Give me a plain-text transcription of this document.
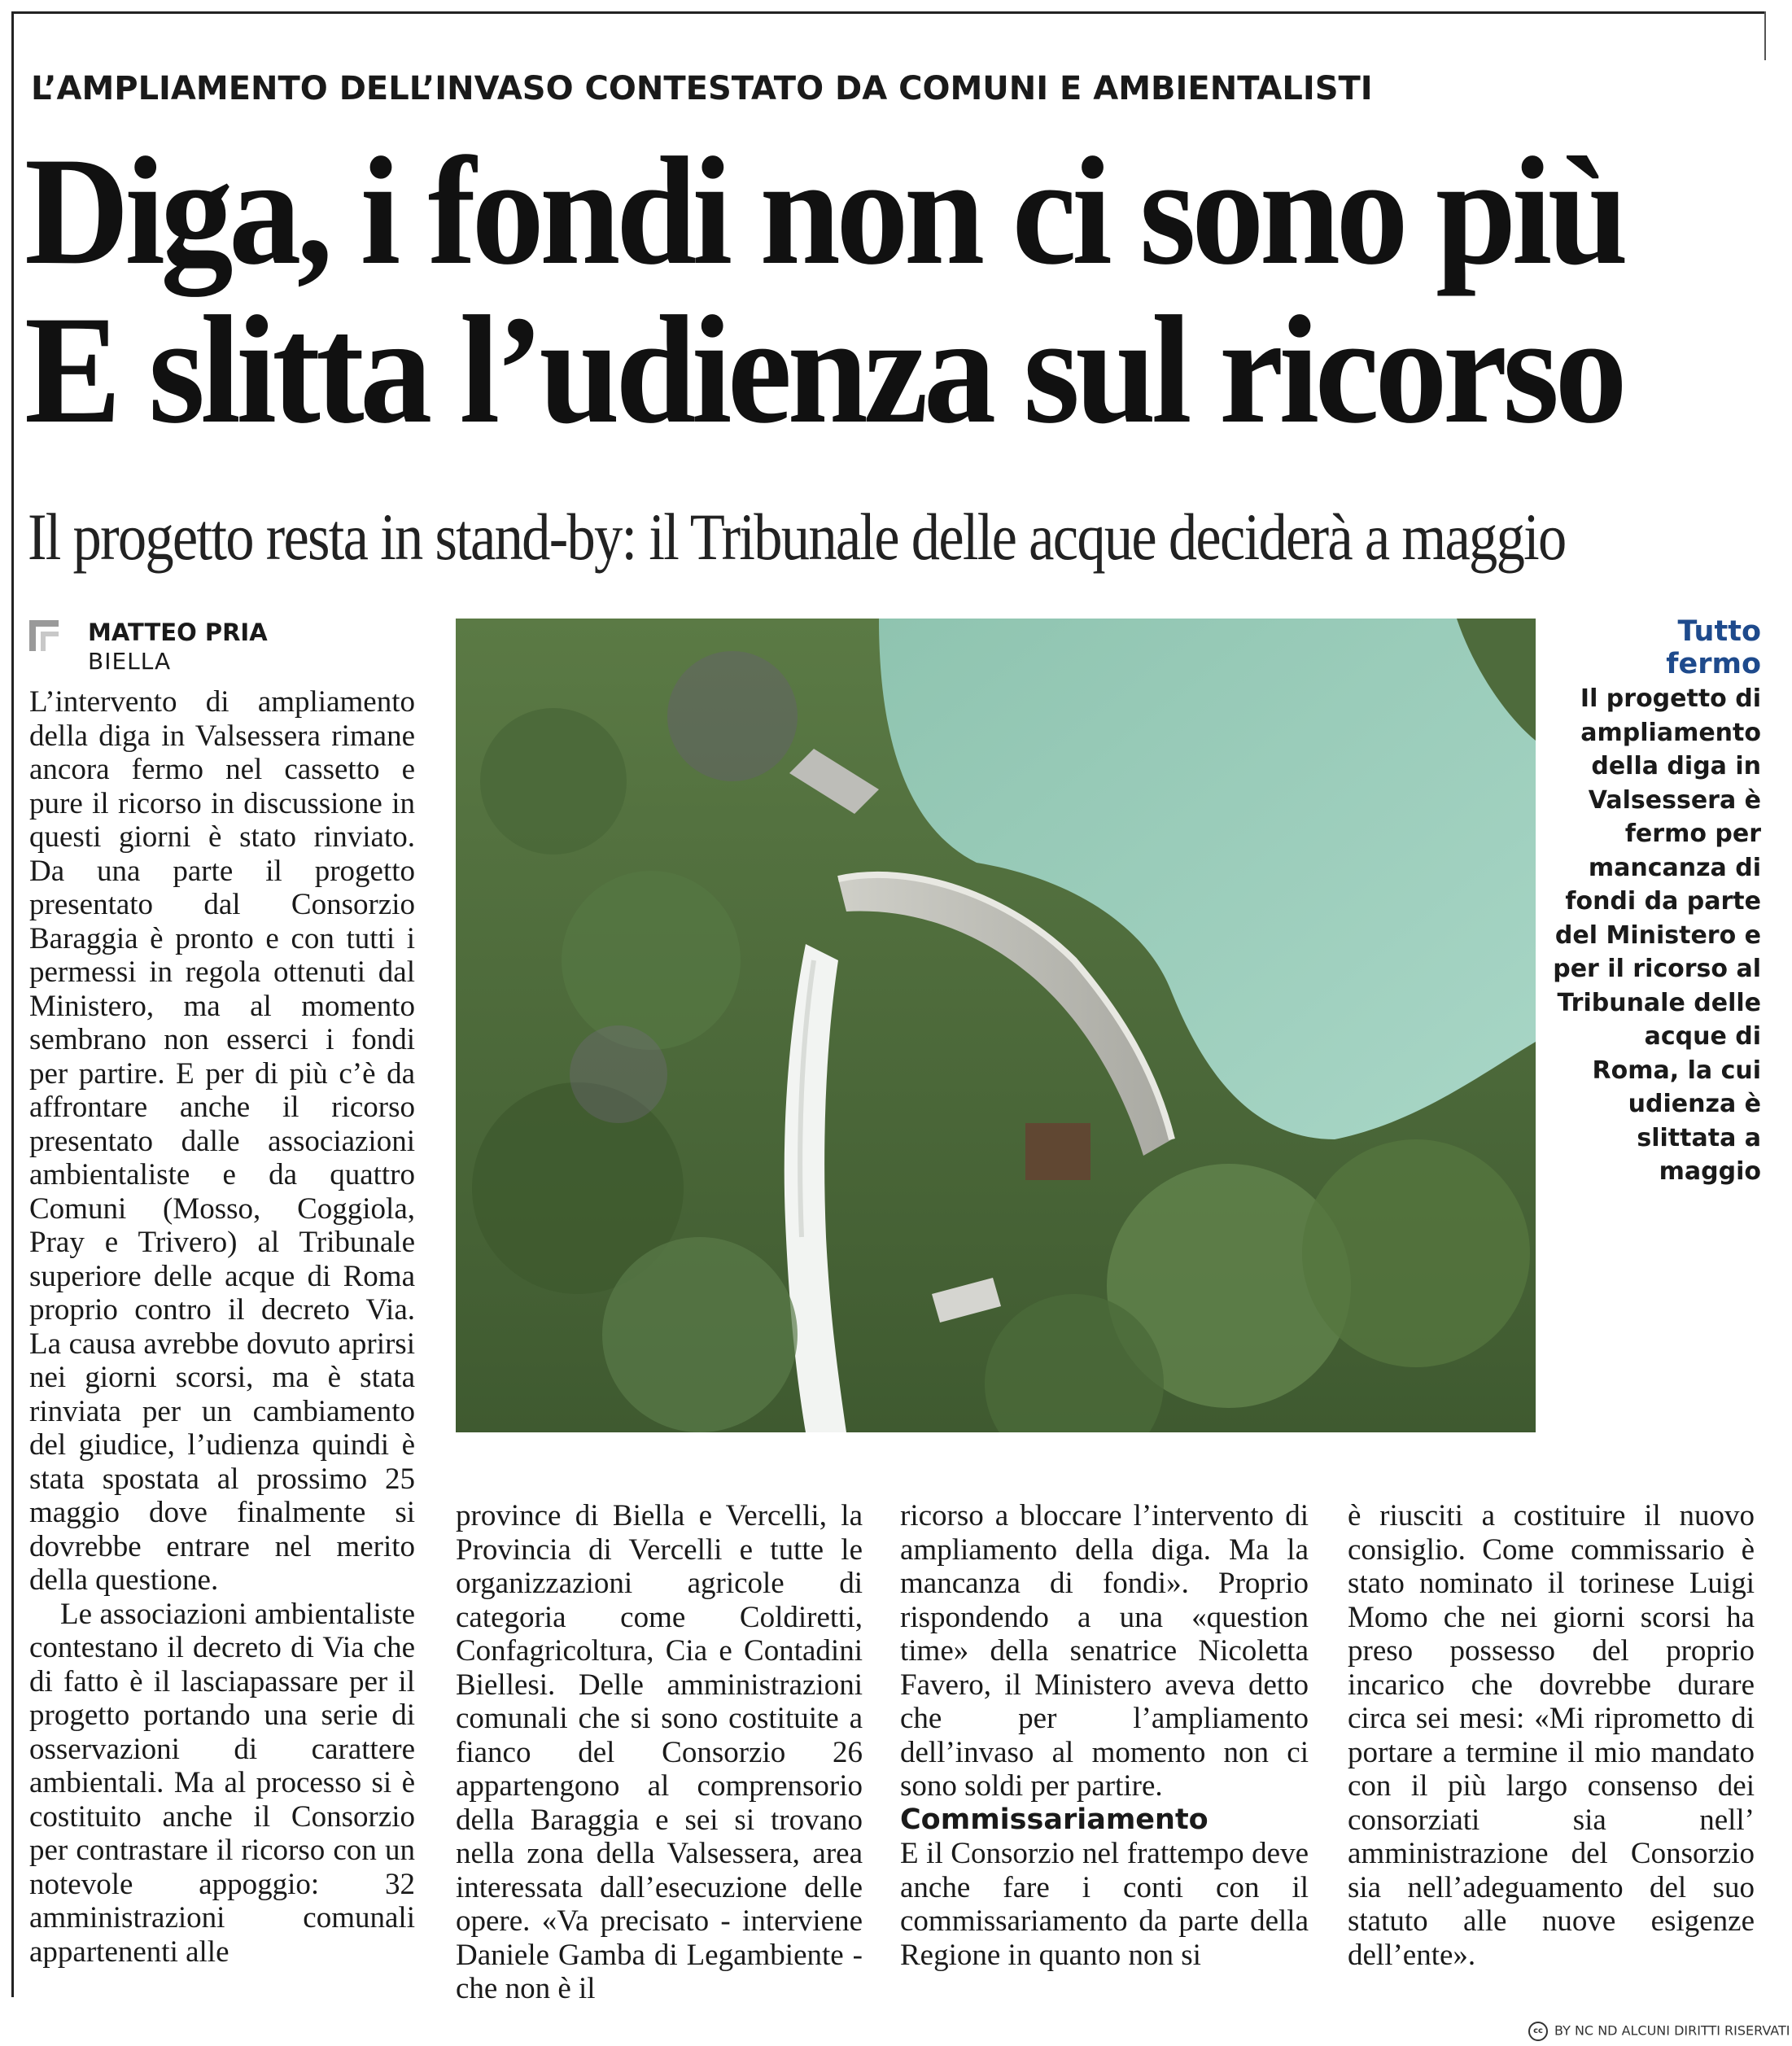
L’AMPLIAMENTO DELL’INVASO CONTESTATO DA COMUNI E AMBIENTALISTI
Diga, i fondi non ci sono più
E slitta l’udienza sul ricorso
Il progetto resta in stand-by: il Tribunale delle acque deciderà a maggio
MATTEO PRIA
BIELLA

L’intervento di ampliamento della diga in Valsessera rimane ancora fermo nel cassetto e pure il ricorso in discussione in questi giorni è stato rinviato. Da una parte il progetto presentato dal Consorzio Baraggia è pronto e con tutti i permessi in regola ottenuti dal Ministero, ma al momento sembrano non esserci i fondi per partire. E per di più c’è da affrontare anche il ricorso presentato dalle associazioni ambientaliste e da quattro Comuni (Mosso, Coggiola, Pray e Trivero) al Tribunale superiore delle acque di Roma proprio contro il decreto Via. La causa avrebbe dovuto aprirsi nei giorni scorsi, ma è stata rinviata per un cambiamento del giudice, l’udienza quindi è stata spostata al prossimo 25 maggio dove finalmente si dovrebbe entrare nel merito della questione.

Le associazioni ambientaliste contestano il decreto di Via che di fatto è il lasciapassare per il progetto portando una serie di osservazioni di carattere ambientali. Ma al processo si è costituito anche il Consorzio per contrastare il ricorso con un notevole appoggio: 32 amministrazioni comunali appartenenti alle

Tutto
fermo
Il progetto di ampliamento della diga in Valsessera è fermo per mancanza di fondi da parte del Ministero e per il ricorso al Tribunale delle acque di Roma, la cui udienza è slittata a maggio

province di Biella e Vercelli, la Provincia di Vercelli e tutte le organizzazioni agricole di categoria come Coldiretti, Confagricoltura, Cia e Contadini Biellesi. Delle amministrazioni comunali che si sono costituite a fianco del Consorzio 26 appartengono al comprensorio della Baraggia e sei si trovano nella zona della Valsessera, area interessata dall’esecuzione delle opere. «Va precisato - interviene Daniele Gamba di Legambiente - che non è il

ricorso a bloccare l’intervento di ampliamento della diga. Ma la mancanza di fondi». Proprio rispondendo a una «question time» della senatrice Nicoletta Favero, il Ministero aveva detto che per l’ampliamento dell’invaso al momento non ci sono soldi per partire.

Commissariamento

E il Consorzio nel frattempo deve anche fare i conti con il commissariamento da parte della Regione in quanto non si

è riusciti a costituire il nuovo consiglio. Come commissario è stato nominato il torinese Luigi Momo che nei giorni scorsi ha preso possesso del proprio incarico che dovrebbe durare circa sei mesi: «Mi riprometto di portare a termine il mio mandato con il più largo consenso dei consorziati sia nell’ amministrazione del Consorzio sia nell’adeguamento del suo statuto alle nuove esigenze dell’ente».

cc BY NC ND ALCUNI DIRITTI RISERVATI
